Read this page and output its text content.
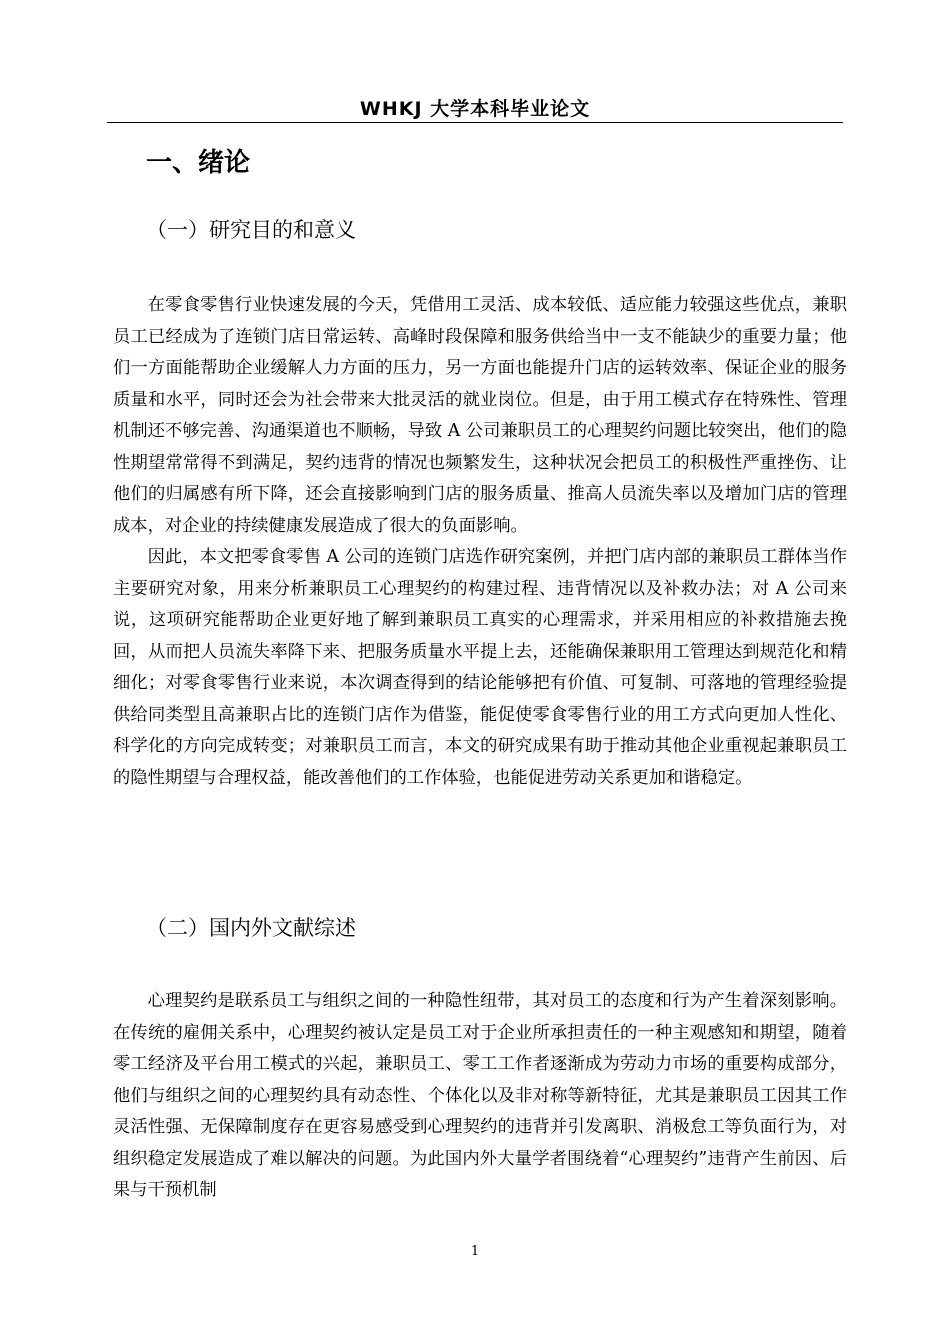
WHKJ 大学本科毕业论文
一、绪论
（一）研究目的和意义

在零食零售行业快速发展的今天，凭借用工灵活、成本较低、适应能力较强这些优点，兼职员工已经成为了连锁门店日常运转、高峰时段保障和服务供给当中一支不能缺少的重要力量；他们一方面能帮助企业缓解人力方面的压力，另一方面也能提升门店的运转效率、保证企业的服务质量和水平，同时还会为社会带来大批灵活的就业岗位。但是，由于用工模式存在特殊性、管理机制还不够完善、沟通渠道也不顺畅，导致 A 公司兼职员工的心理契约问题比较突出，他们的隐性期望常常得不到满足，契约违背的情况也频繁发生，这种状况会把员工的积极性严重挫伤、让他们的归属感有所下降，还会直接影响到门店的服务质量、推高人员流失率以及增加门店的管理成本，对企业的持续健康发展造成了很大的负面影响。

因此，本文把零食零售 A 公司的连锁门店选作研究案例，并把门店内部的兼职员工群体当作主要研究对象，用来分析兼职员工心理契约的构建过程、违背情况以及补救办法；对 A 公司来说，这项研究能帮助企业更好地了解到兼职员工真实的心理需求，并采用相应的补救措施去挽回，从而把人员流失率降下来、把服务质量水平提上去，还能确保兼职用工管理达到规范化和精细化；对零食零售行业来说，本次调查得到的结论能够把有价值、可复制、可落地的管理经验提供给同类型且高兼职占比的连锁门店作为借鉴，能促使零食零售行业的用工方式向更加人性化、科学化的方向完成转变；对兼职员工而言，本文的研究成果有助于推动其他企业重视起兼职员工的隐性期望与合理权益，能改善他们的工作体验，也能促进劳动关系更加和谐稳定。

（二）国内外文献综述

心理契约是联系员工与组织之间的一种隐性纽带，其对员工的态度和行为产生着深刻影响。在传统的雇佣关系中，心理契约被认定是员工对于企业所承担责任的一种主观感知和期望，随着零工经济及平台用工模式的兴起，兼职员工、零工工作者逐渐成为劳动力市场的重要构成部分，他们与组织之间的心理契约具有动态性、个体化以及非对称等新特征，尤其是兼职员工因其工作灵活性强、无保障制度存在更容易感受到心理契约的违背并引发离职、消极怠工等负面行为，对组织稳定发展造成了难以解决的问题。为此国内外大量学者围绕着“心理契约”违背产生前因、后果与干预机制

1
